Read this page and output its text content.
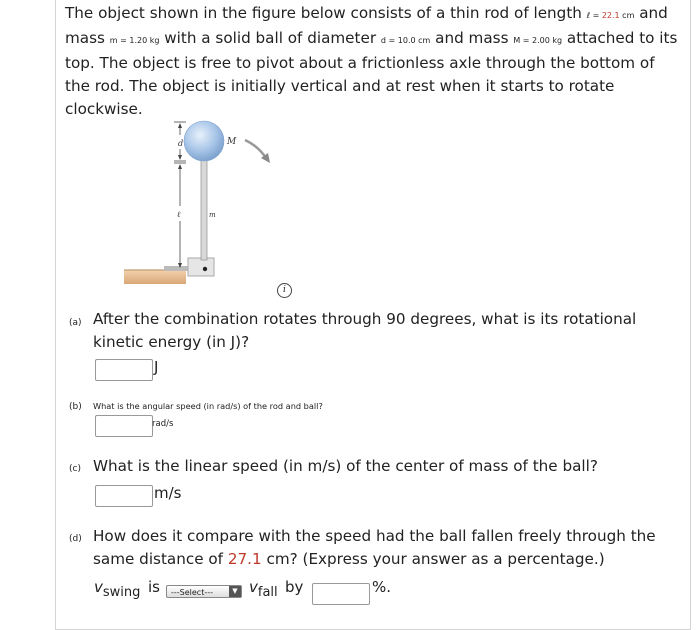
The object shown in the figure below consists of a thin rod of length ℓ = 22.1 cm and mass m = 1.20 kg with a solid ball of diameter d = 10.0 cm and mass M = 2.00 kg attached to its top. The object is free to pivot about a frictionless axle through the bottom of the rod. The object is initially vertical and at rest when it starts to rotate clockwise.
d
ℓ
M
m
i
(a) After the combination rotates through 90 degrees, what is its rotational kinetic energy (in J)?
J
(b) What is the angular speed (in rad/s) of the rod and ball?
rad/s
(c) What is the linear speed (in m/s) of the center of mass of the ball?
m/s
(d) How does it compare with the speed had the ball fallen freely through the same distance of 27.1 cm? (Express your answer as a percentage.)
$v_{swing}$ is	---Select---	▼ $v_{fall}$ by	%.
